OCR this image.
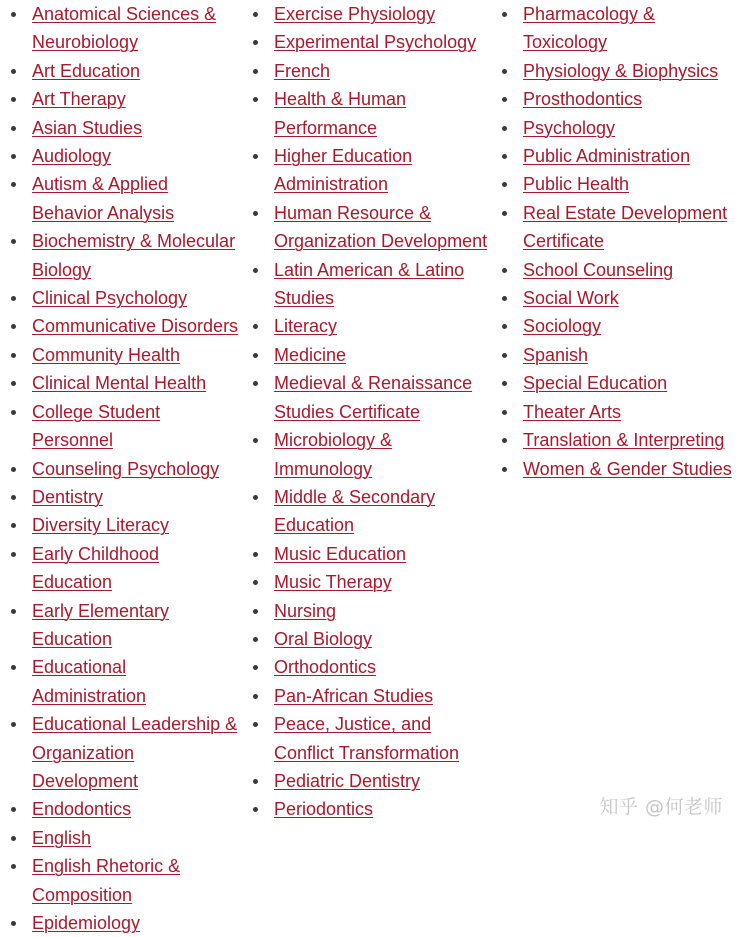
Anatomical Sciences & Neurobiology
Art Education
Art Therapy
Asian Studies
Audiology
Autism & Applied Behavior Analysis
Biochemistry & Molecular Biology
Clinical Psychology
Communicative Disorders
Community Health
Clinical Mental Health
College Student Personnel
Counseling Psychology
Dentistry
Diversity Literacy
Early Childhood Education
Early Elementary Education
Educational Administration
Educational Leadership & Organization Development
Endodontics
English
English Rhetoric & Composition
Epidemiology
Exercise Physiology
Experimental Psychology
French
Health & Human Performance
Higher Education Administration
Human Resource & Organization Development
Latin American & Latino Studies
Literacy
Medicine
Medieval & Renaissance Studies Certificate
Microbiology & Immunology
Middle & Secondary Education
Music Education
Music Therapy
Nursing
Oral Biology
Orthodontics
Pan-African Studies
Peace, Justice, and Conflict Transformation
Pediatric Dentistry
Periodontics
Pharmacology & Toxicology
Physiology & Biophysics
Prosthodontics
Psychology
Public Administration
Public Health
Real Estate Development Certificate
School Counseling
Social Work
Sociology
Spanish
Special Education
Theater Arts
Translation & Interpreting
Women & Gender Studies
知乎 @何老师
